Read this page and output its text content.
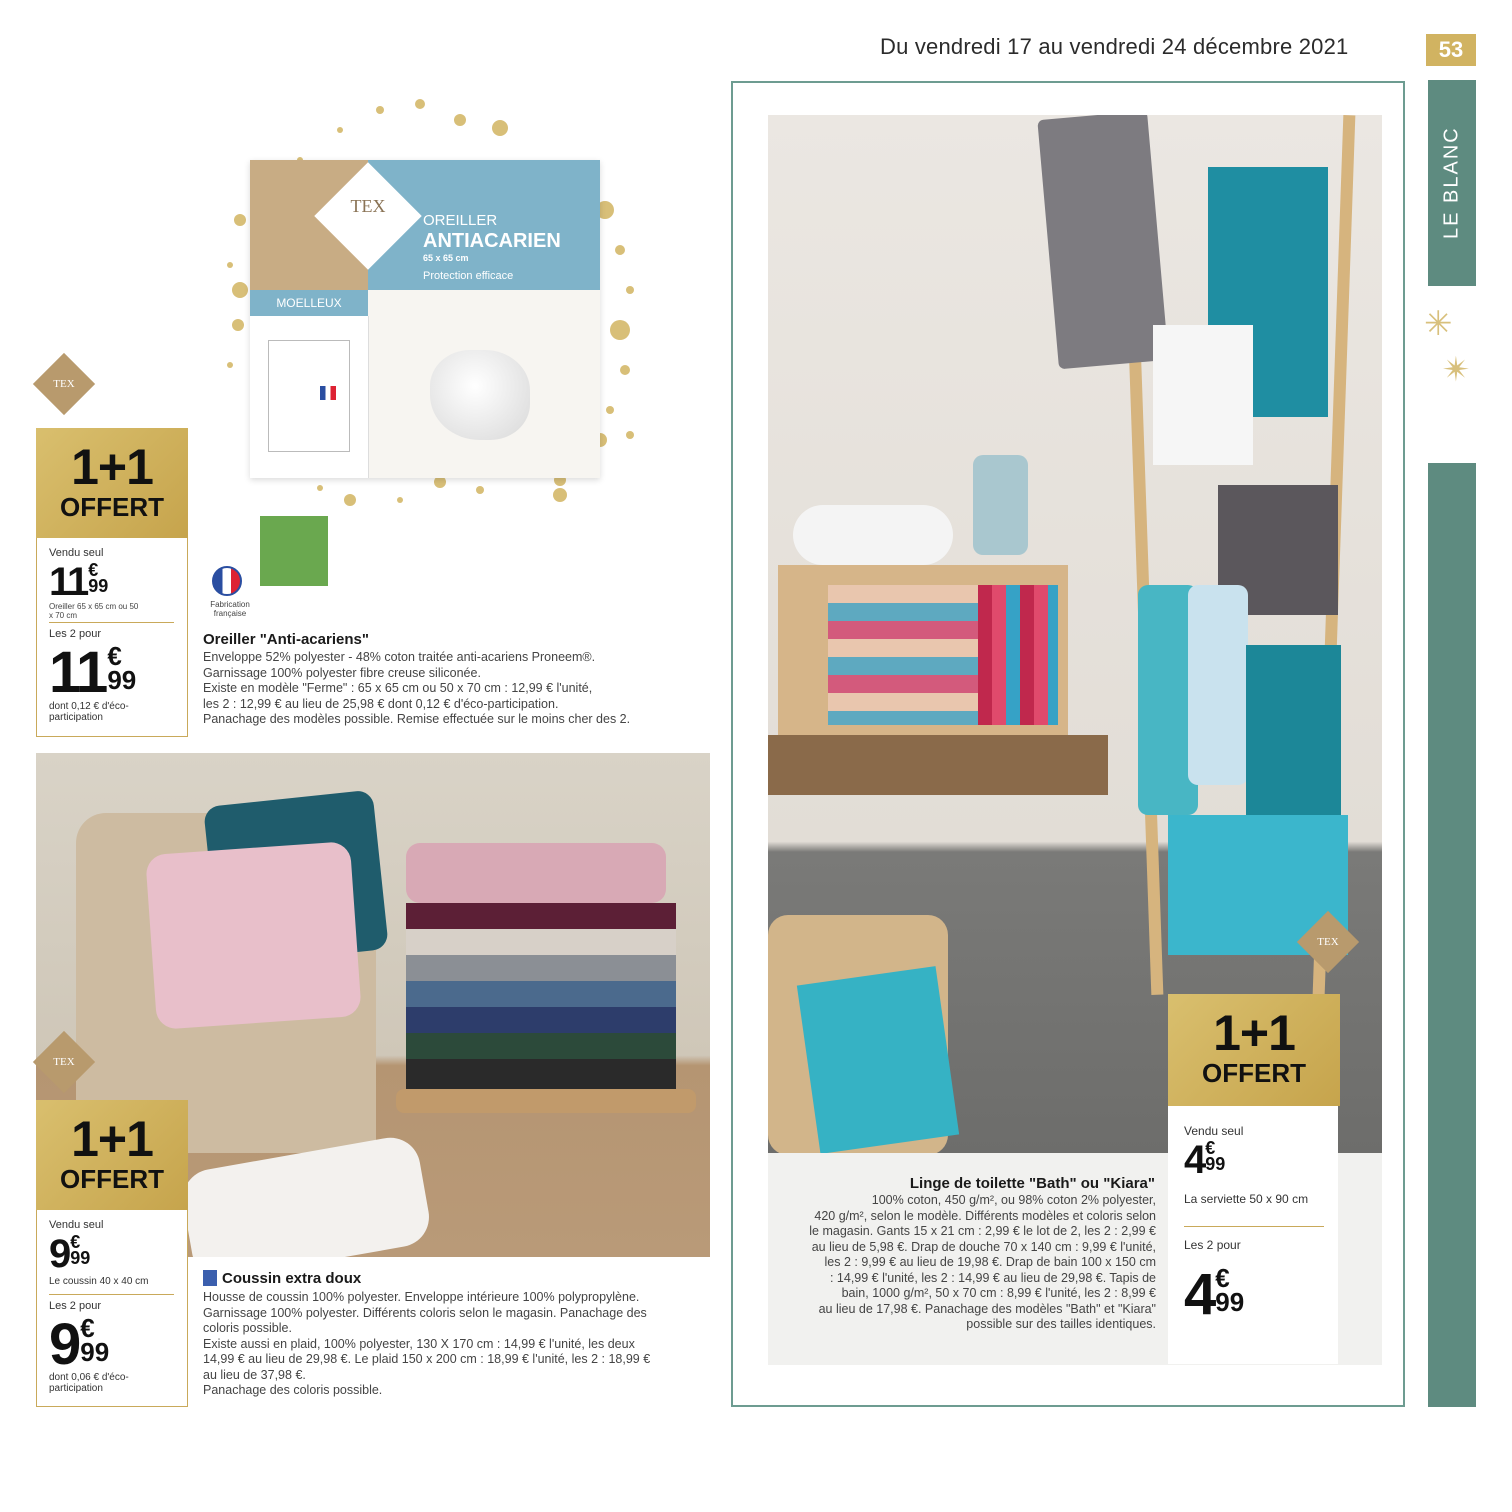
Du vendredi 17 au vendredi 24 décembre 2021	53
LE BLANC
✳
✴
MOELLEUX
TEX
OREILLER
ANTIACARIEN
65 x 65 cm
Protection efficace
TEX
1+1
OFFERT
Vendu seul
11 €
99
Oreiller 65 x 65 cm ou 50 x 70 cm
Les 2 pour
11 €
99
dont 0,12 € d'éco-participation
Fabrication française
Oreiller "Anti-acariens"
Enveloppe 52% polyester - 48% coton traitée anti-acariens Proneem®.
Garnissage 100% polyester fibre creuse siliconée.
Existe en modèle "Ferme" : 65 x 65 cm ou 50 x 70 cm : 12,99 € l'unité,
les 2 : 12,99 € au lieu de 25,98 € dont 0,12 € d'éco-participation.
Panachage des modèles possible. Remise effectuée sur le moins cher des 2.
TEX
1+1
OFFERT
Vendu seul
9 €
99
Le coussin 40 x 40 cm
Les 2 pour
9 €
99
dont 0,06 € d'éco-participation
Coussin extra doux
Housse de coussin 100% polyester. Enveloppe intérieure 100% polypropylène.
Garnissage 100% polyester. Différents coloris selon le magasin. Panachage des
coloris possible.
Existe aussi en plaid, 100% polyester, 130 X 170 cm : 14,99 € l'unité, les deux
14,99 € au lieu de 29,98 €. Le plaid 150 x 200 cm : 18,99 € l'unité, les 2 : 18,99 €
au lieu de 37,98 €.
Panachage des coloris possible.
TEX
Linge de toilette "Bath" ou "Kiara"
100% coton, 450 g/m², ou 98% coton 2% polyester,
420 g/m², selon le modèle. Différents modèles et coloris selon
le magasin. Gants 15 x 21 cm : 2,99 € le lot de 2, les 2 : 2,99 €
au lieu de 5,98 €. Drap de douche 70 x 140 cm : 9,99 € l'unité,
les 2 : 9,99 € au lieu de 19,98 €. Drap de bain 100 x 150 cm
: 14,99 € l'unité, les 2 : 14,99 € au lieu de 29,98 €. Tapis de
bain, 1000 g/m², 50 x 70 cm : 8,99 € l'unité, les 2 : 8,99 €
au lieu de 17,98 €. Panachage des modèles "Bath" et "Kiara"
possible sur des tailles identiques.
1+1
OFFERT
Vendu seul
4 €
99
La serviette 50 x 90 cm
Les 2 pour
4 €
99
